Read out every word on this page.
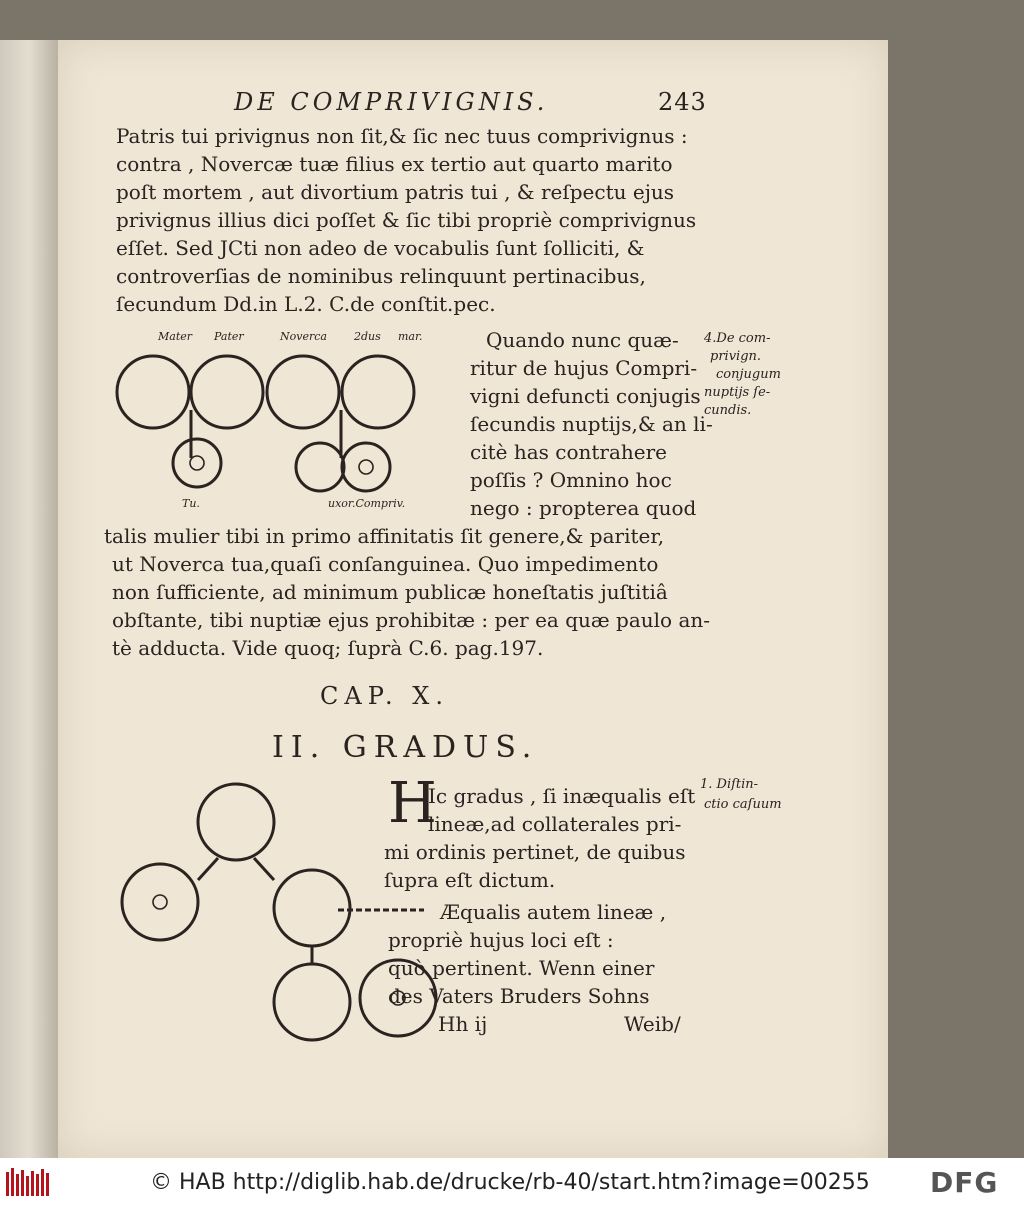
DE COMPRIVIGNIS.	243
Patris tui privignus non ſit,& ſic nec tuus comprivignus :
contra , Novercæ tuæ filius ex tertio aut quarto marito
poſt mortem , aut divortium patris tui , & reſpectu ejus
privignus illius dici poſſet & ſic tibi propriè comprivignus
eſſet. Sed JCti non adeo de vocabulis ſunt ſolliciti, &
controverſias de nominibus relinquunt pertinacibus,
ſecundum Dd.in L.2. C.de conſtit.pec.
Mater Pater	Noverca 2dus mar.
Tu.	uxor.Compriv.
Quando nunc quæ-
ritur de hujus Compri-
vigni defuncti conjugis
ſecundis nuptijs,& an li-
citè has contrahere
poſſis ? Omnino hoc
nego : propterea quod
4.De com-
privign.
conjugum
nuptijs ſe-
cundis.
talis mulier tibi in primo affinitatis ſit genere,& pariter,
ut Noverca tua,quaſi conſanguinea. Quo impedimento
non ſufficiente, ad minimum publicæ honeſtatis juſtitiâ
obſtante, tibi nuptiæ ejus prohibitæ : per ea quæ paulo an-
tè adducta. Vide quoq; ſuprà C.6. pag.197.
CAP. X.
II. GRADUS.
1. Diſtin-
ctio caſuum
H
Ic gradus , ſi inæqualis eſt
lineæ,ad collaterales pri-
mi ordinis pertinet, de quibus
ſupra eſt dictum.
Æqualis autem lineæ ,
propriè hujus loci eſt :
quò pertinent. Wenn einer
des Vaters Bruders Sohns
Hh ij	Weib/
© HAB http://diglib.hab.de/drucke/rb-40/start.htm?image=00255 DFG
